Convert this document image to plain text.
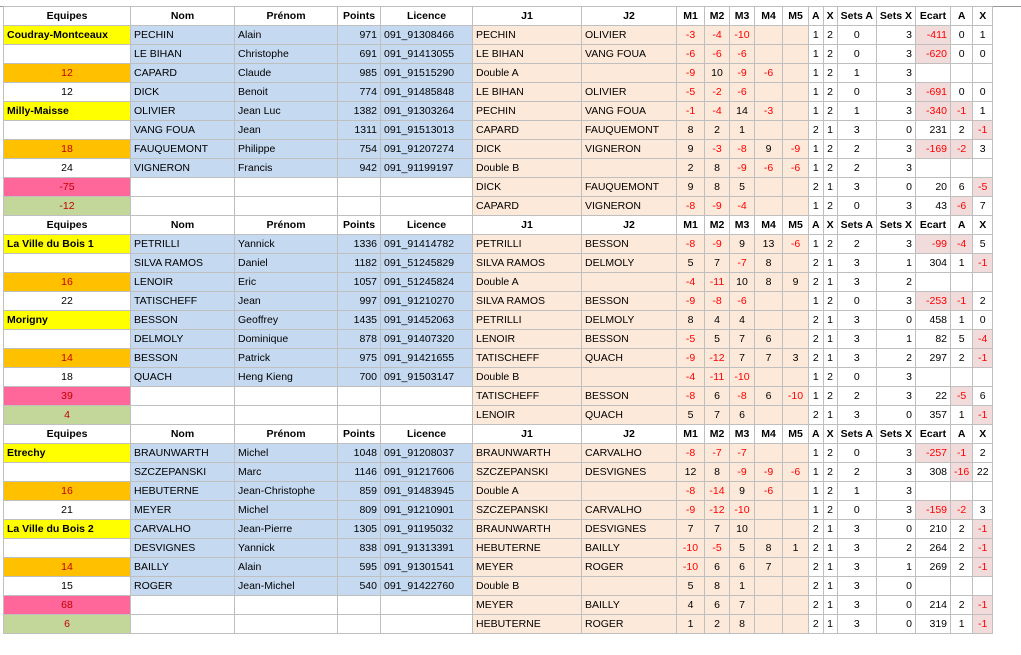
Equipes	Nom	Prénom	Points	Licence	J1	J2	M1	M2	M3	M4	M5	A	X	Sets A	Sets X	Ecart	A	X
Coudray-Montceaux	PECHIN	Alain	971	091_91308466	PECHIN	OLIVIER	-3	-4	-10			1	2	0	3	-411	0	1
	LE BIHAN	Christophe	691	091_91413055	LE BIHAN	VANG FOUA	-6	-6	-6			1	2	0	3	-620	0	0
12	CAPARD	Claude	985	091_91515290	Double A		-9	10	-9	-6		1	2	1	3			
12	DICK	Benoit	774	091_91485848	LE BIHAN	OLIVIER	-5	-2	-6			1	2	0	3	-691	0	0
Milly-Maisse	OLIVIER	Jean Luc	1382	091_91303264	PECHIN	VANG FOUA	-1	-4	14	-3		1	2	1	3	-340	-1	1
	VANG FOUA	Jean	1311	091_91513013	CAPARD	FAUQUEMONT	8	2	1			2	1	3	0	231	2	-1
18	FAUQUEMONT	Philippe	754	091_91207274	DICK	VIGNERON	9	-3	-8	9	-9	1	2	2	3	-169	-2	3
24	VIGNERON	Francis	942	091_91199197	Double B		2	8	-9	-6	-6	1	2	2	3			
-75					DICK	FAUQUEMONT	9	8	5			2	1	3	0	20	6	-5
-12					CAPARD	VIGNERON	-8	-9	-4			1	2	0	3	43	-6	7
Equipes	Nom	Prénom	Points	Licence	J1	J2	M1	M2	M3	M4	M5	A	X	Sets A	Sets X	Ecart	A	X
La Ville du Bois 1	PETRILLI	Yannick	1336	091_91414782	PETRILLI	BESSON	-8	-9	9	13	-6	1	2	2	3	-99	-4	5
	SILVA RAMOS	Daniel	1182	091_51245829	SILVA RAMOS	DELMOLY	5	7	-7	8		2	1	3	1	304	1	-1
16	LENOIR	Eric	1057	091_51245824	Double A		-4	-11	10	8	9	2	1	3	2			
22	TATISCHEFF	Jean	997	091_91210270	SILVA RAMOS	BESSON	-9	-8	-6			1	2	0	3	-253	-1	2
Morigny	BESSON	Geoffrey	1435	091_91452063	PETRILLI	DELMOLY	8	4	4			2	1	3	0	458	1	0
	DELMOLY	Dominique	878	091_91407320	LENOIR	BESSON	-5	5	7	6		2	1	3	1	82	5	-4
14	BESSON	Patrick	975	091_91421655	TATISCHEFF	QUACH	-9	-12	7	7	3	2	1	3	2	297	2	-1
18	QUACH	Heng Kieng	700	091_91503147	Double B		-4	-11	-10			1	2	0	3			
39					TATISCHEFF	BESSON	-8	6	-8	6	-10	1	2	2	3	22	-5	6
4					LENOIR	QUACH	5	7	6			2	1	3	0	357	1	-1
Equipes	Nom	Prénom	Points	Licence	J1	J2	M1	M2	M3	M4	M5	A	X	Sets A	Sets X	Ecart	A	X
Etrechy	BRAUNWARTH	Michel	1048	091_91208037	BRAUNWARTH	CARVALHO	-8	-7	-7			1	2	0	3	-257	-1	2
	SZCZEPANSKI	Marc	1146	091_91217606	SZCZEPANSKI	DESVIGNES	12	8	-9	-9	-6	1	2	2	3	308	-16	22
16	HEBUTERNE	Jean-Christophe	859	091_91483945	Double A		-8	-14	9	-6		1	2	1	3			
21	MEYER	Michel	809	091_91210901	SZCZEPANSKI	CARVALHO	-9	-12	-10			1	2	0	3	-159	-2	3
La Ville du Bois 2	CARVALHO	Jean-Pierre	1305	091_91195032	BRAUNWARTH	DESVIGNES	7	7	10			2	1	3	0	210	2	-1
	DESVIGNES	Yannick	838	091_91313391	HEBUTERNE	BAILLY	-10	-5	5	8	1	2	1	3	2	264	2	-1
14	BAILLY	Alain	595	091_91301541	MEYER	ROGER	-10	6	6	7		2	1	3	1	269	2	-1
15	ROGER	Jean-Michel	540	091_91422760	Double B		5	8	1			2	1	3	0			
68					MEYER	BAILLY	4	6	7			2	1	3	0	214	2	-1
6					HEBUTERNE	ROGER	1	2	8			2	1	3	0	319	1	-1
